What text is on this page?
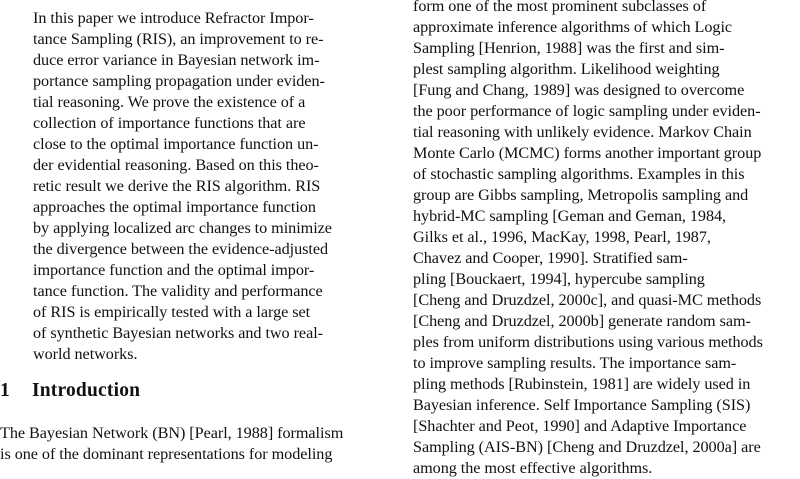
In this paper we introduce Refractor Impor-
tance Sampling (RIS), an improvement to re-
duce error variance in Bayesian network im-
portance sampling propagation under eviden-
tial reasoning. We prove the existence of a
collection of importance functions that are
close to the optimal importance function un-
der evidential reasoning. Based on this theo-
retic result we derive the RIS algorithm. RIS
approaches the optimal importance function
by applying localized arc changes to minimize
the divergence between the evidence-adjusted
importance function and the optimal impor-
tance function. The validity and performance
of RIS is empirically tested with a large set
of synthetic Bayesian networks and two real-
world networks.
1 Introduction
The Bayesian Network (BN) [Pearl, 1988] formalism
is one of the dominant representations for modeling
form one of the most prominent subclasses of
approximate inference algorithms of which Logic
Sampling [Henrion, 1988] was the first and sim-
plest sampling algorithm. Likelihood weighting
[Fung and Chang, 1989] was designed to overcome
the poor performance of logic sampling under eviden-
tial reasoning with unlikely evidence. Markov Chain
Monte Carlo (MCMC) forms another important group
of stochastic sampling algorithms. Examples in this
group are Gibbs sampling, Metropolis sampling and
hybrid-MC sampling [Geman and Geman, 1984,
Gilks et al., 1996, MacKay, 1998, Pearl, 1987,
Chavez and Cooper, 1990]. Stratified sam-
pling [Bouckaert, 1994], hypercube sampling
[Cheng and Druzdzel, 2000c], and quasi-MC methods
[Cheng and Druzdzel, 2000b] generate random sam-
ples from uniform distributions using various methods
to improve sampling results. The importance sam-
pling methods [Rubinstein, 1981] are widely used in
Bayesian inference. Self Importance Sampling (SIS)
[Shachter and Peot, 1990] and Adaptive Importance
Sampling (AIS-BN) [Cheng and Druzdzel, 2000a] are
among the most effective algorithms.
